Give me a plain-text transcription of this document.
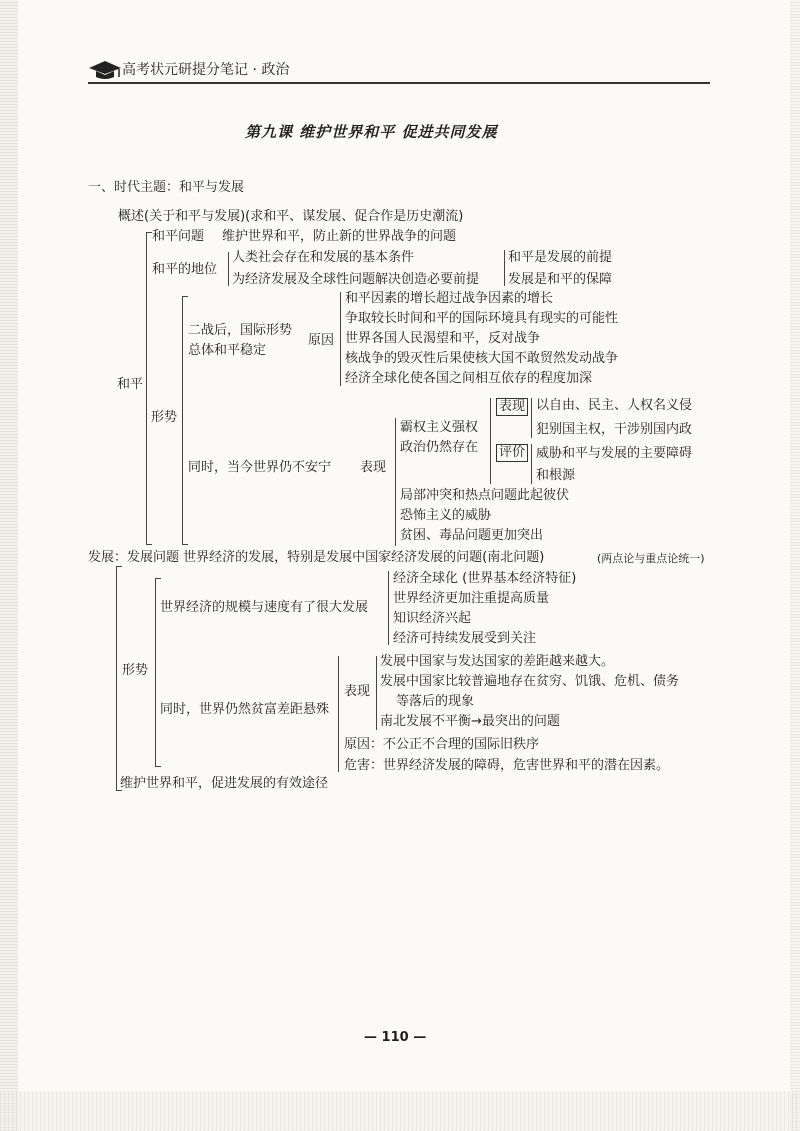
高考状元研提分笔记 · 政治
第九课 维护世界和平 促进共同发展
一、时代主题：和平与发展
概述(关于和平与发展)(求和平、谋发展、促合作是历史潮流)
和平
和平问题 维护世界和平，防止新的世界战争的问题
和平的地位
人类社会存在和发展的基本条件
为经济发展及全球性问题解决创造必要前提
和平是发展的前提
发展是和平的保障
形势
二战后，国际形势
总体和平稳定
原因
和平因素的增长超过战争因素的增长
争取较长时间和平的国际环境具有现实的可能性
世界各国人民渴望和平，反对战争
核战争的毁灭性后果使核大国不敢贸然发动战争
经济全球化使各国之间相互依存的程度加深
同时，当今世界仍不安宁 表现
霸权主义强权
政治仍然存在
表现
评价
以自由、民主、人权名义侵
犯别国主权，干涉别国内政
威胁和平与发展的主要障碍
和根源
局部冲突和热点问题此起彼伏
恐怖主义的威胁
贫困、毒品问题更加突出
发展：发展问题 世界经济的发展，特别是发展中国家经济发展的问题(南北问题)	(两点论与重点论统一)
形势
世界经济的规模与速度有了很大发展
经济全球化 (世界基本经济特征)
世界经济更加注重提高质量
知识经济兴起
经济可持续发展受到关注
同时，世界仍然贫富差距悬殊
表现
发展中国家与发达国家的差距越来越大。
发展中国家比较普遍地存在贫穷、饥饿、危机、债务
等落后的现象
南北发展不平衡→最突出的问题
原因：不公正不合理的国际旧秩序
危害：世界经济发展的障碍，危害世界和平的潜在因素。
维护世界和平，促进发展的有效途径
— 110 —
